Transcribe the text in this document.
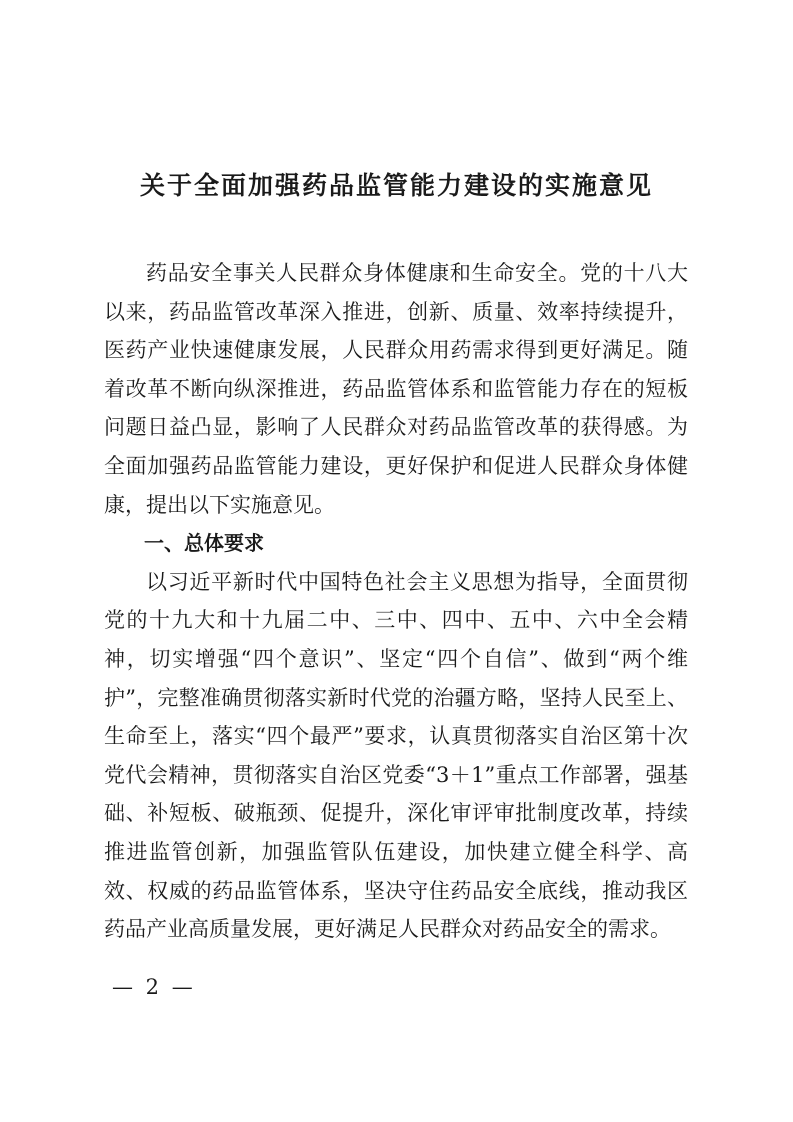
关于全面加强药品监管能力建设的实施意见

药品安全事关人民群众身体健康和生命安全。党的十八大以来，药品监管改革深入推进，创新、质量、效率持续提升，医药产业快速健康发展，人民群众用药需求得到更好满足。随着改革不断向纵深推进，药品监管体系和监管能力存在的短板问题日益凸显，影响了人民群众对药品监管改革的获得感。为全面加强药品监管能力建设，更好保护和促进人民群众身体健康，提出以下实施意见。

一、总体要求

以习近平新时代中国特色社会主义思想为指导，全面贯彻党的十九大和十九届二中、三中、四中、五中、六中全会精神，切实增强“四个意识”、坚定“四个自信”、做到“两个维护”，完整准确贯彻落实新时代党的治疆方略，坚持人民至上、生命至上，落实“四个最严”要求，认真贯彻落实自治区第十次党代会精神，贯彻落实自治区党委“3＋1”重点工作部署，强基础、补短板、破瓶颈、促提升，深化审评审批制度改革，持续推进监管创新，加强监管队伍建设，加快建立健全科学、高效、权威的药品监管体系，坚决守住药品安全底线，推动我区药品产业高质量发展，更好满足人民群众对药品安全的需求。

— 2 —
